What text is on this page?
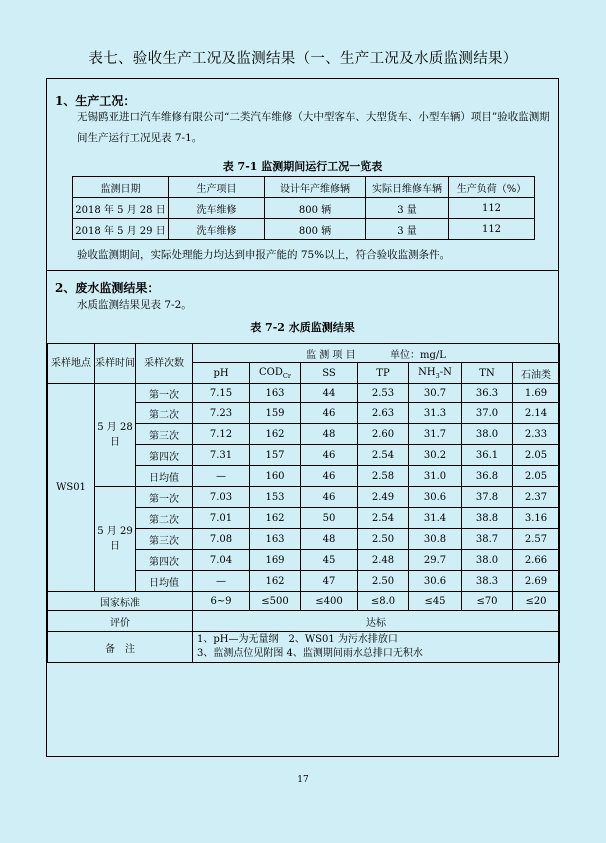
表七、验收生产工况及监测结果（一、生产工况及水质监测结果）
1、生产工况：
无锡鸥亚进口汽车维修有限公司“二类汽车维修（大中型客车、大型货车、小型车辆）项目”验收监测期间生产运行工况见表 7-1。
表 7-1 监测期间运行工况一览表
监测日期	生产项目	设计年产维修辆	实际日维修车辆	生产负荷（%）
2018 年 5 月 28 日	洗车维修	800 辆	3 量	112
2018 年 5 月 29 日	洗车维修	800 辆	3 量	112
验收监测期间，实际处理能力均达到申报产能的 75%以上，符合验收监测条件。
2、废水监测结果：
水质监测结果见表 7-2。
表 7-2 水质监测结果
采样地点	采样时间	采样次数	监 测 项 目 单位：mg/L						
			pH	$COD_{Cr}$	SS	TP	$NH_3-N$	TN	石油类
WS01	5 月 28 日	第一次	7.15	163	44	2.53	30.7	36.3	1.69
		第二次	7.23	159	46	2.63	31.3	37.0	2.14
		第三次	7.12	162	48	2.60	31.7	38.0	2.33
		第四次	7.31	157	46	2.54	30.2	36.1	2.05
		日均值	—	160	46	2.58	31.0	36.8	2.05
	5 月 29 日	第一次	7.03	153	46	2.49	30.6	37.8	2.37
		第二次	7.01	162	50	2.54	31.4	38.8	3.16
		第三次	7.08	163	48	2.50	30.8	38.7	2.57
		第四次	7.04	169	45	2.48	29.7	38.0	2.66
		日均值	—	162	47	2.50	30.6	38.3	2.69
国家标准			6~9	≤500	≤400	≤8.0	≤45	≤70	≤20
评价			达标						
备　注			1、pH—为无量纲　2、WS01 为污水排放口
3、监测点位见附图 4、监测期间雨水总排口无积水						
17
